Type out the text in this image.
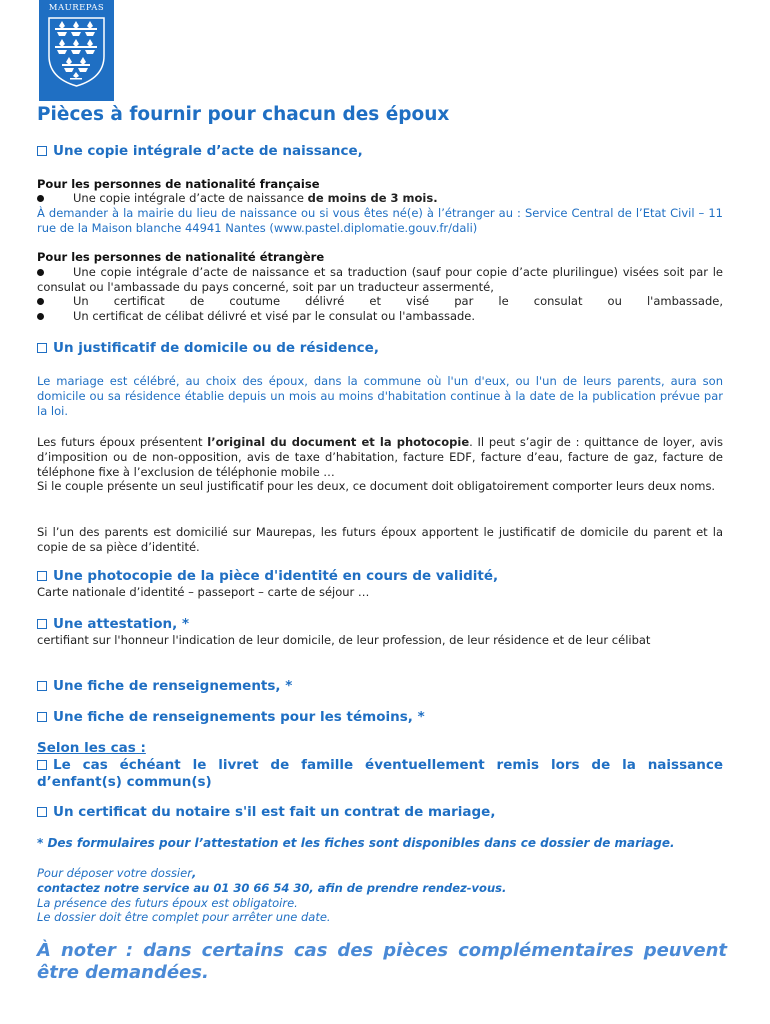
MAUREPAS
Pièces à fournir pour chacun des époux
Une copie intégrale d’acte de naissance,
Pour les personnes de nationalité française
Une copie intégrale d’acte de naissance de moins de 3 mois.
À demander à la mairie du lieu de naissance ou si vous êtes né(e) à l’étranger au : Service Central de l’Etat Civil – 11 rue de la Maison blanche 44941 Nantes (www.pastel.diplomatie.gouv.fr/dali)
Pour les personnes de nationalité étrangère
Une copie intégrale d’acte de naissance et sa traduction (sauf pour copie d’acte plurilingue) visées soit par le consulat ou l'ambassade du pays concerné, soit par un traducteur assermenté,
Un certificat de coutume délivré et visé par le consulat ou l'ambassade,
Un certificat de célibat délivré et visé par le consulat ou l'ambassade.
Un justificatif de domicile ou de résidence,
Le mariage est célébré, au choix des époux, dans la commune où l'un d'eux, ou l'un de leurs parents, aura son domicile ou sa résidence établie depuis un mois au moins d'habitation continue à la date de la publication prévue par la loi.
Les futurs époux présentent l’original du document et la photocopie. Il peut s’agir de : quittance de loyer, avis d’imposition ou de non-opposition, avis de taxe d’habitation, facture EDF, facture d’eau, facture de gaz, facture de téléphone fixe à l’exclusion de téléphonie mobile …
Si le couple présente un seul justificatif pour les deux, ce document doit obligatoirement comporter leurs deux noms.
Si l’un des parents est domicilié sur Maurepas, les futurs époux apportent le justificatif de domicile du parent et la copie de sa pièce d’identité.
Une photocopie de la pièce d'identité en cours de validité,
Carte nationale d’identité – passeport – carte de séjour …
Une attestation, *
certifiant sur l'honneur l'indication de leur domicile, de leur profession, de leur résidence et de leur célibat
Une fiche de renseignements, *
Une fiche de renseignements pour les témoins, *
Selon les cas :
Le cas échéant le livret de famille éventuellement remis lors de la naissance d’enfant(s) commun(s)
Un certificat du notaire s'il est fait un contrat de mariage,
* Des formulaires pour l’attestation et les fiches sont disponibles dans ce dossier de mariage.
Pour déposer votre dossier,
contactez notre service au 01 30 66 54 30, afin de prendre rendez-vous.
La présence des futurs époux est obligatoire.
Le dossier doit être complet pour arrêter une date.
À noter : dans certains cas des pièces complémentaires peuvent être demandées.
